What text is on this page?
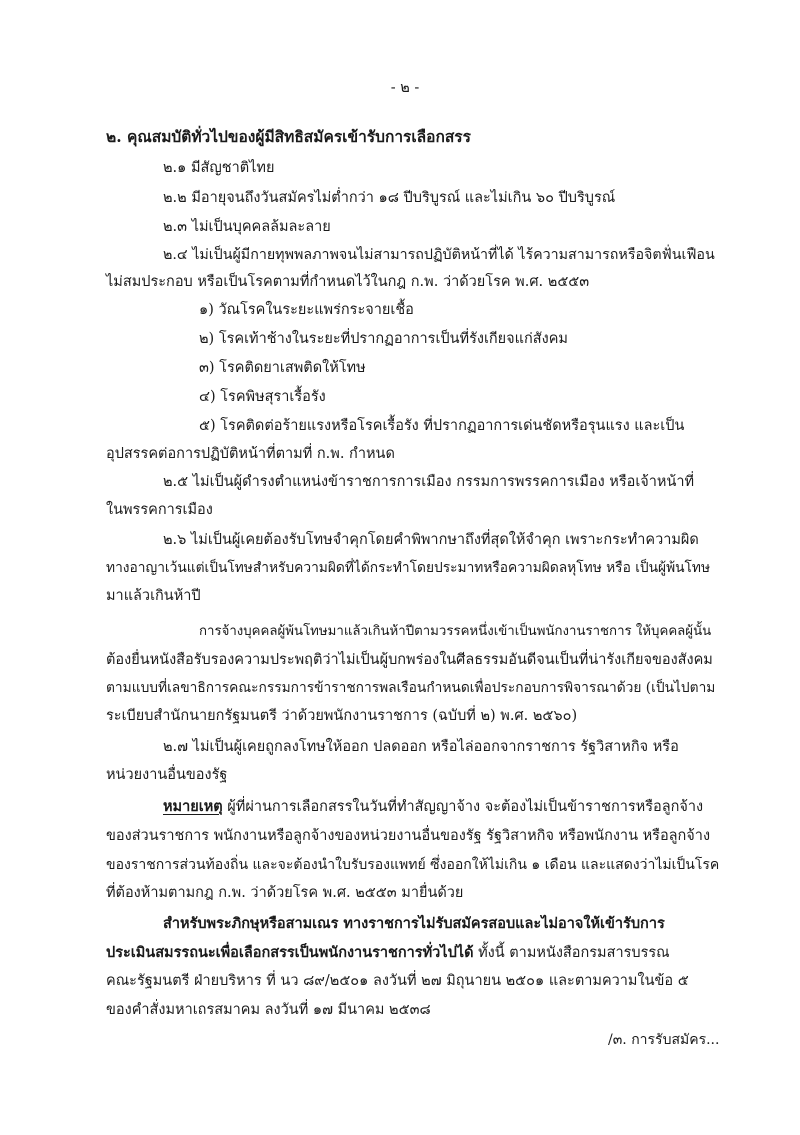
- ๒ -
๒. คุณสมบัติทั่วไปของผู้มีสิทธิสมัครเข้ารับการเลือกสรร
๒.๑ มีสัญชาติไทย
๒.๒ มีอายุจนถึงวันสมัครไม่ต่ำกว่า ๑๘ ปีบริบูรณ์ และไม่เกิน ๖๐ ปีบริบูรณ์
๒.๓ ไม่เป็นบุคคลล้มละลาย
๒.๔ ไม่เป็นผู้มีกายทุพพลภาพจนไม่สามารถปฏิบัติหน้าที่ได้ ไร้ความสามารถหรือจิตฟั่นเฟือน
ไม่สมประกอบ หรือเป็นโรคตามที่กำหนดไว้ในกฎ ก.พ. ว่าด้วยโรค พ.ศ. ๒๕๕๓
๑) วัณโรคในระยะแพร่กระจายเชื้อ
๒) โรคเท้าช้างในระยะที่ปรากฏอาการเป็นที่รังเกียจแก่สังคม
๓) โรคติดยาเสพติดให้โทษ
๔) โรคพิษสุราเรื้อรัง
๕) โรคติดต่อร้ายแรงหรือโรคเรื้อรัง ที่ปรากฏอาการเด่นชัดหรือรุนแรง และเป็น
อุปสรรคต่อการปฏิบัติหน้าที่ตามที่ ก.พ. กำหนด
๒.๕ ไม่เป็นผู้ดำรงตำแหน่งข้าราชการการเมือง กรรมการพรรคการเมือง หรือเจ้าหน้าที่
ในพรรคการเมือง
๒.๖ ไม่เป็นผู้เคยต้องรับโทษจำคุกโดยคำพิพากษาถึงที่สุดให้จำคุก เพราะกระทำความผิด
ทางอาญาเว้นแต่เป็นโทษสำหรับความผิดที่ได้กระทำโดยประมาทหรือความผิดลหุโทษ หรือ เป็นผู้พ้นโทษ
มาแล้วเกินห้าปี
การจ้างบุคคลผู้พ้นโทษมาแล้วเกินห้าปีตามวรรคหนึ่งเข้าเป็นพนักงานราชการ ให้บุคคลผู้นั้น
ต้องยื่นหนังสือรับรองความประพฤติว่าไม่เป็นผู้บกพร่องในศีลธรรมอันดีจนเป็นที่น่ารังเกียจของสังคม
ตามแบบที่เลขาธิการคณะกรรมการข้าราชการพลเรือนกำหนดเพื่อประกอบการพิจารณาด้วย (เป็นไปตาม
ระเบียบสำนักนายกรัฐมนตรี ว่าด้วยพนักงานราชการ (ฉบับที่ ๒) พ.ศ. ๒๕๖๐)
๒.๗ ไม่เป็นผู้เคยถูกลงโทษให้ออก ปลดออก หรือไล่ออกจากราชการ รัฐวิสาหกิจ หรือ
หน่วยงานอื่นของรัฐ
หมายเหตุ ผู้ที่ผ่านการเลือกสรรในวันที่ทำสัญญาจ้าง จะต้องไม่เป็นข้าราชการหรือลูกจ้าง
ของส่วนราชการ พนักงานหรือลูกจ้างของหน่วยงานอื่นของรัฐ รัฐวิสาหกิจ หรือพนักงาน หรือลูกจ้าง
ของราชการส่วนท้องถิ่น และจะต้องนำใบรับรองแพทย์ ซึ่งออกให้ไม่เกิน ๑ เดือน และแสดงว่าไม่เป็นโรค
ที่ต้องห้ามตามกฎ ก.พ. ว่าด้วยโรค พ.ศ. ๒๕๕๓ มายื่นด้วย
สำหรับพระภิกษุหรือสามเณร ทางราชการไม่รับสมัครสอบและไม่อาจให้เข้ารับการ
ประเมินสมรรถนะเพื่อเลือกสรรเป็นพนักงานราชการทั่วไปได้ ทั้งนี้ ตามหนังสือกรมสารบรรณ
คณะรัฐมนตรี ฝ่ายบริหาร ที่ นว ๘๙/๒๕๐๑ ลงวันที่ ๒๗ มิถุนายน ๒๕๐๑ และตามความในข้อ ๕
ของคำสั่งมหาเถรสมาคม ลงวันที่ ๑๗ มีนาคม ๒๕๓๘
/๓. การรับสมัคร...
